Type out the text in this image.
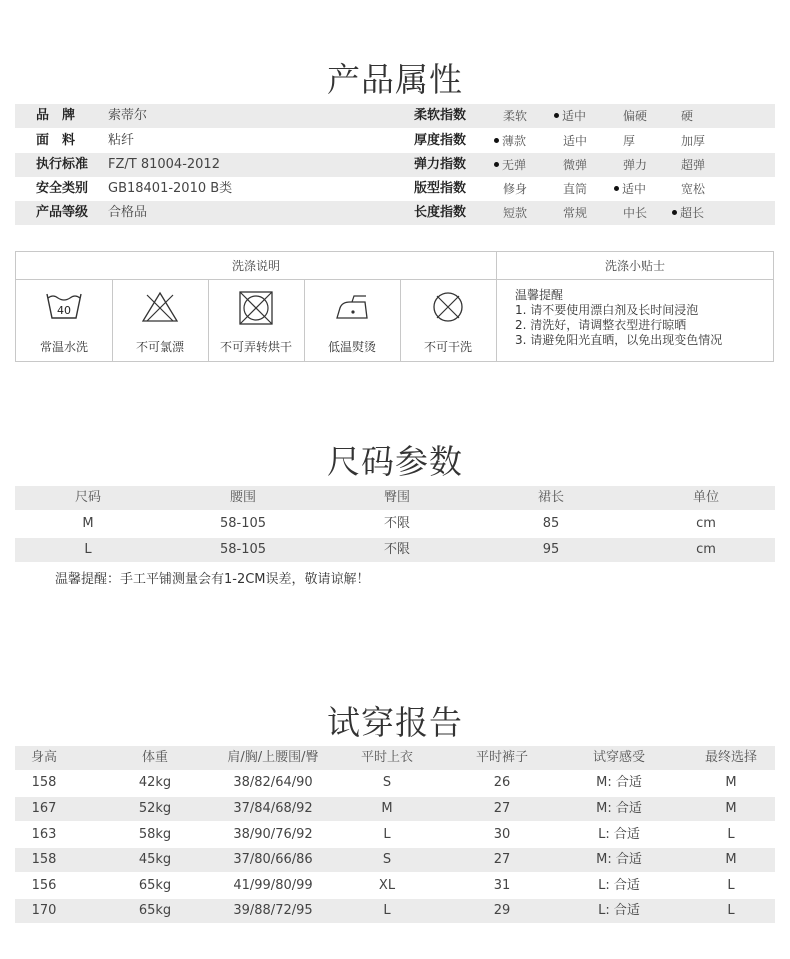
产品属性
品　牌	索蒂尔	柔软指数	柔软	适中	偏硬	硬
面　料	粘纤	厚度指数	薄款	适中	厚	加厚
执行标准 FZ/T 81004-2012	弹力指数	无弹	微弹	弹力	超弹
安全类别 GB18401-2010 B类	版型指数	修身	直筒	适中	宽松
产品等级 合格品	长度指数	短款	常规	中长	超长
洗涤说明	洗涤小贴士
40
常温水洗	不可氯漂	不可弄转烘干	低温熨烫	不可干洗
温馨提醒
1. 请不要使用漂白剂及长时间浸泡
2. 清洗好，请调整衣型进行晾晒
3. 请避免阳光直晒，以免出现变色情况
尺码参数
尺码	腰围	臀围	裙长	单位
M	58-105	不限	85	cm
L	58-105	不限	95	cm
温馨提醒：手工平铺测量会有1-2CM误差，敬请谅解！
试穿报告
身高	体重	肩/胸/上腰围/臀	平时上衣	平时裤子	试穿感受	最终选择
158	42kg	38/82/64/90	S	26	M: 合适	M
167	52kg	37/84/68/92	M	27	M: 合适	M
163	58kg	38/90/76/92	L	30	L: 合适	L
158	45kg	37/80/66/86	S	27	M: 合适	M
156	65kg	41/99/80/99	XL	31	L: 合适	L
170	65kg	39/88/72/95	L	29	L: 合适	L
